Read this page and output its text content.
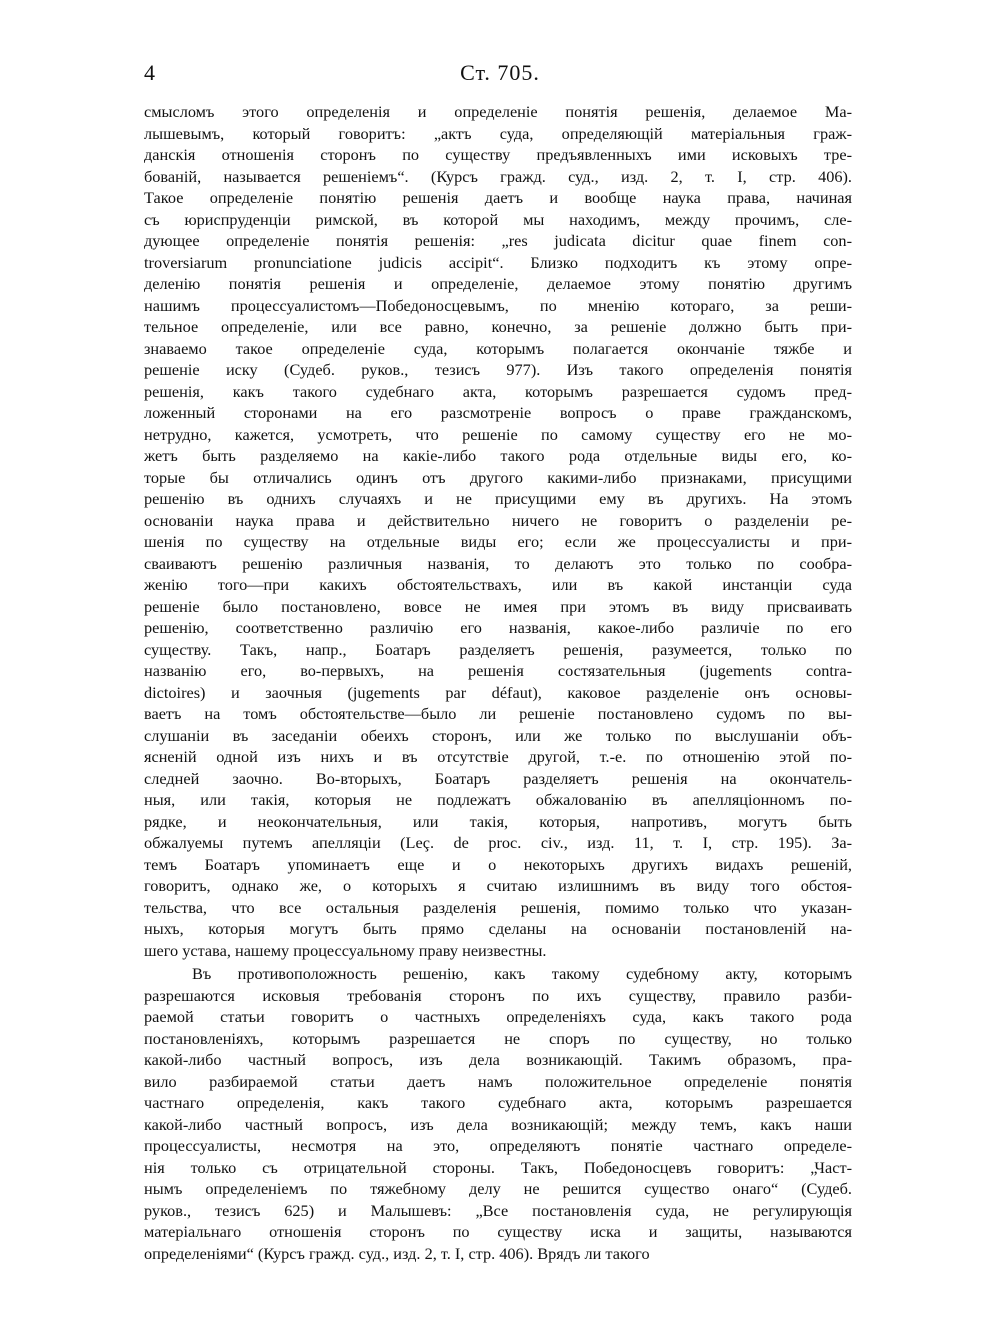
4	Ст. 705.
смысломъ этого определенія и определеніе понятія решенія, делаемое Ма-
лышевымъ, который говоритъ: „актъ суда, определяющій матеріальныя граж-
данскія отношенія сторонъ по существу предъявленныхъ ими исковыхъ тре-
бованій, называется решеніемъ“. (Курсъ гражд. суд., изд. 2, т. I, стр. 406).
Такое определеніе понятію решенія даетъ и вообще наука права, начиная
съ юриспруденціи римской, въ которой мы находимъ, между прочимъ, сле-
дующее определеніе понятія решенія: „res judicata dicitur quae finem con-
troversiarum pronunciatione judicis accipit“. Близко подходитъ къ этому опре-
деленію понятія решенія и определеніе, делаемое этому понятію другимъ
нашимъ процессуалистомъ—Победоносцевымъ, по мненію котораго, за реши-
тельное определеніе, или все равно, конечно, за решеніе должно быть при-
знаваемо такое определеніе суда, которымъ полагается окончаніе тяжбе и
решеніе иску (Судеб. руков., тезисъ 977). Изъ такого определенія понятія
решенія, какъ такого судебнаго акта, которымъ разрешается судомъ пред-
ложенный сторонами на его разсмотреніе вопросъ о праве гражданскомъ,
нетрудно, кажется, усмотреть, что решеніе по самому существу его не мо-
жетъ быть разделяемо на какіе-либо такого рода отдельные виды его, ко-
торые бы отличались одинъ отъ другого какими-либо признаками, присущими
решенію въ однихъ случаяхъ и не присущими ему въ другихъ. На этомъ
основаніи наука права и действительно ничего не говоритъ о разделеніи ре-
шенія по существу на отдельные виды его; если же процессуалисты и при-
сваиваютъ решенію различныя названія, то делаютъ это только по сообра-
женію того—при какихъ обстоятельствахъ, или въ какой инстанціи суда
решеніе было постановлено, вовсе не имея при этомъ въ виду присваивать
решенію, соответственно различію его названія, какое-либо различіе по его
существу. Такъ, напр., Боатаръ разделяетъ решенія, разумеется, только по
названію его, во-первыхъ, на решенія состязательныя (jugements contra-
dictoires) и заочныя (jugements par défaut), каковое разделеніе онъ основы-
ваетъ на томъ обстоятельстве—было ли решеніе постановлено судомъ по вы-
слушаніи въ заседаніи обеихъ сторонъ, или же только по выслушаніи объ-
ясненій одной изъ нихъ и въ отсутствіе другой, т.-е. по отношенію этой по-
следней заочно. Во-вторыхъ, Боатаръ разделяетъ решенія на окончатель-
ныя, или такія, которыя не подлежатъ обжалованію въ апелляціонномъ по-
рядке, и неокончательныя, или такія, которыя, напротивъ, могутъ быть
обжалуемы путемъ апелляціи (Leç. de proc. civ., изд. 11, т. I, стр. 195). За-
темъ Боатаръ упоминаетъ еще и о некоторыхъ другихъ видахъ решеній,
говоритъ, однако же, о которыхъ я считаю излишнимъ въ виду того обстоя-
тельства, что все остальныя разделенія решенія, помимо только что указан-
ныхъ, которыя могутъ быть прямо сделаны на основаніи постановленій на-
шего устава, нашему процессуальному праву неизвестны.
Въ противоположность решенію, какъ такому судебному акту, которымъ
разрешаются исковыя требованія сторонъ по ихъ существу, правило разби-
раемой статьи говоритъ о частныхъ определеніяхъ суда, какъ такого рода
постановленіяхъ, которымъ разрешается не споръ по существу, но только
какой-либо частный вопросъ, изъ дела возникающій. Такимъ образомъ, пра-
вило разбираемой статьи даетъ намъ положительное определеніе понятія
частнаго определенія, какъ такого судебнаго акта, которымъ разрешается
какой-либо частный вопросъ, изъ дела возникающій; между темъ, какъ наши
процессуалисты, несмотря на это, определяютъ понятіе частнаго определе-
нія только съ отрицательной стороны. Такъ, Победоносцевъ говоритъ: „Част-
нымъ определеніемъ по тяжебному делу не решится существо онаго“ (Судеб.
руков., тезисъ 625) и Малышевъ: „Все постановленія суда, не регулирующія
матеріальнаго отношенія сторонъ по существу иска и защиты, называются
определеніями“ (Курсъ гражд. суд., изд. 2, т. I, стр. 406). Врядъ ли такого
